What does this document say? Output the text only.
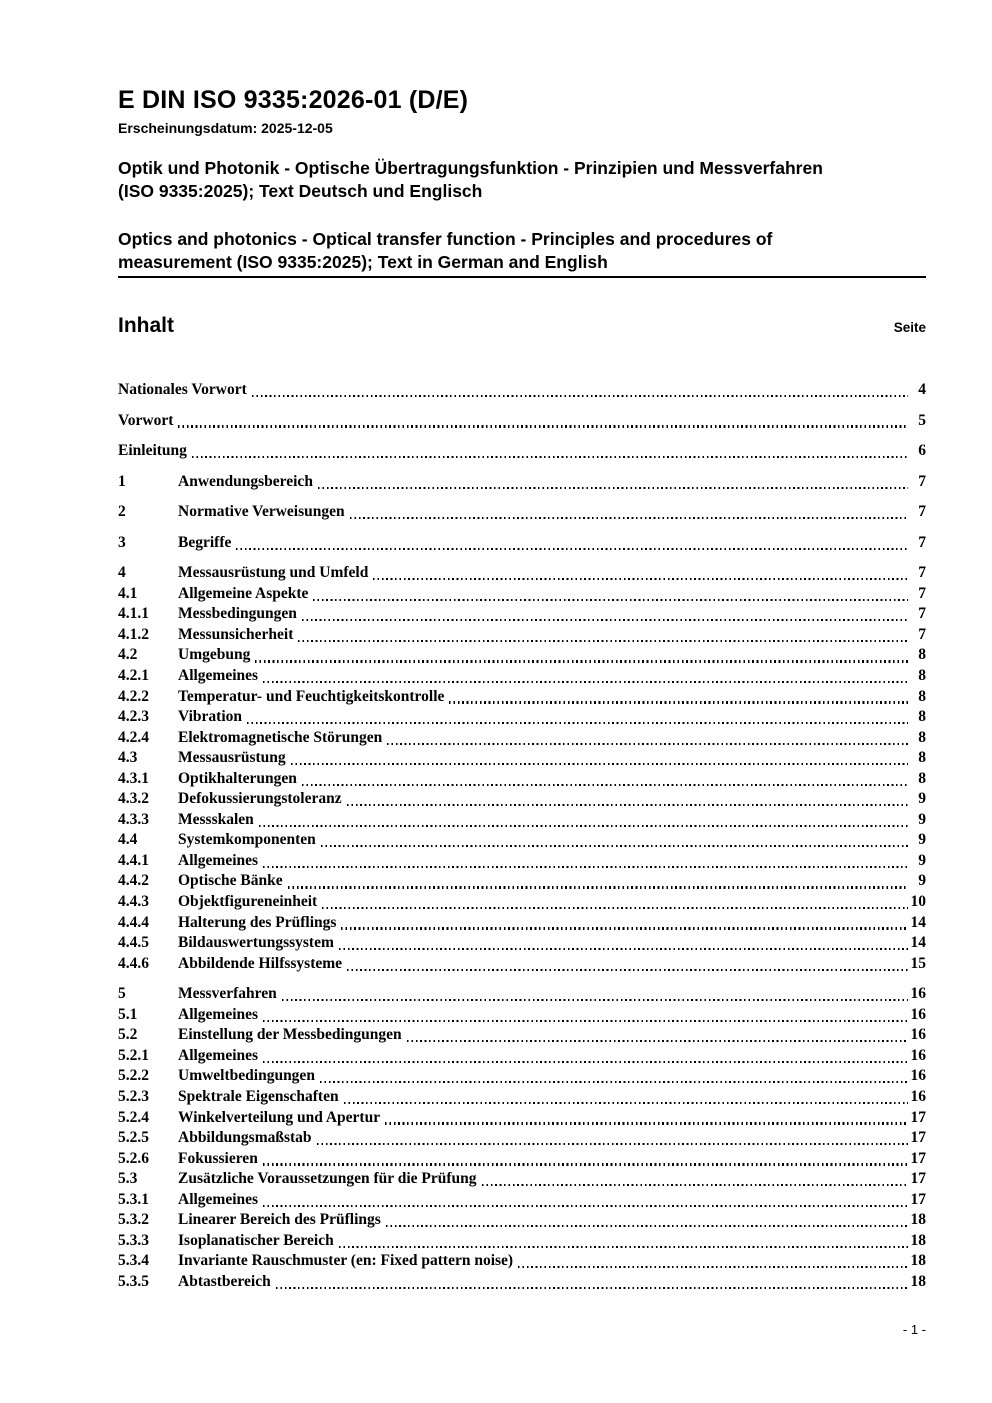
E DIN ISO 9335:2026-01 (D/E)
Erscheinungsdatum: 2025-12-05
Optik und Photonik - Optische Übertragungsfunktion - Prinzipien und Messverfahren
(ISO 9335:2025); Text Deutsch und Englisch
Optics and photonics - Optical transfer function - Principles and procedures of
measurement (ISO 9335:2025); Text in German and English
Inhalt	Seite
Nationales Vorwort	4
Vorwort	5
Einleitung	6
1	Anwendungsbereich	7
2	Normative Verweisungen	7
3	Begriffe	7
4	Messausrüstung und Umfeld	7
4.1	Allgemeine Aspekte	7
4.1.1	Messbedingungen	7
4.1.2	Messunsicherheit	7
4.2	Umgebung	8
4.2.1	Allgemeines	8
4.2.2	Temperatur- und Feuchtigkeitskontrolle	8
4.2.3	Vibration	8
4.2.4	Elektromagnetische Störungen	8
4.3	Messausrüstung	8
4.3.1	Optikhalterungen	8
4.3.2	Defokussierungstoleranz	9
4.3.3	Messskalen	9
4.4	Systemkomponenten	9
4.4.1	Allgemeines	9
4.4.2	Optische Bänke	9
4.4.3	Objektfigureneinheit	10
4.4.4	Halterung des Prüflings	14
4.4.5	Bildauswertungssystem	14
4.4.6	Abbildende Hilfssysteme	15
5	Messverfahren	16
5.1	Allgemeines	16
5.2	Einstellung der Messbedingungen	16
5.2.1	Allgemeines	16
5.2.2	Umweltbedingungen	16
5.2.3	Spektrale Eigenschaften	16
5.2.4	Winkelverteilung und Apertur	17
5.2.5	Abbildungsmaßstab	17
5.2.6	Fokussieren	17
5.3	Zusätzliche Voraussetzungen für die Prüfung	17
5.3.1	Allgemeines	17
5.3.2	Linearer Bereich des Prüflings	18
5.3.3	Isoplanatischer Bereich	18
5.3.4	Invariante Rauschmuster (en: Fixed pattern noise)	18
5.3.5	Abtastbereich	18
- 1 -
